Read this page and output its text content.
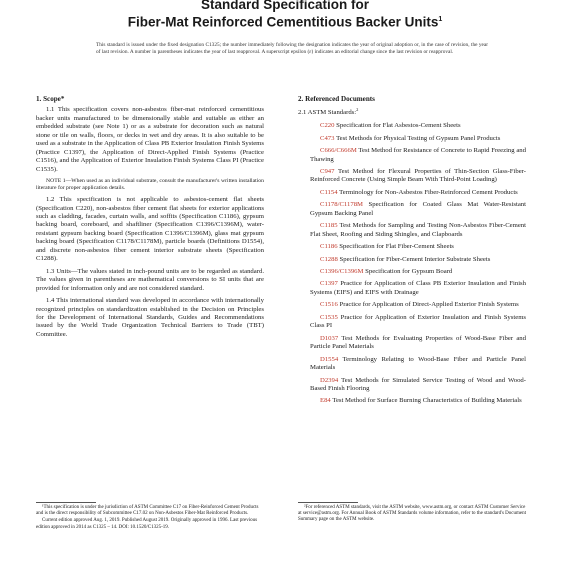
Standard Specification for
Fiber-Mat Reinforced Cementitious Backer Units$^1$
This standard is issued under the fixed designation C1325; the number immediately following the designation indicates the year of original adoption or, in the case of revision, the year of last revision. A number in parentheses indicates the year of last reapproval. A superscript epsilon (ε) indicates an editorial change since the last revision or reapproval.
1. Scope*

1.1 This specification covers non-asbestos fiber-mat reinforced cementitious backer units manufactured to be dimensionally stable and suitable as either an embedded substrate (see Note 1) or as a substrate for decoration such as natural stone or tile on walls, floors, or decks in wet and dry areas. It is also suitable to be used as a substrate in the Application of Class PB Exterior Insulation Finish Systems (Practice C1397), the Application of Direct-Applied Finish Systems (Practice C1516), and the Application of Exterior Insulation Finish Systems Class PI (Practice C1535).

NOTE 1—When used as an individual substrate, consult the manufacturer's written installation literature for proper application details.

1.2 This specification is not applicable to asbestos-cement flat sheets (Specification C220), non-asbestos fiber cement flat sheets for exterior applications such as cladding, facades, curtain walls, and soffits (Specification C1186), gypsum backing board, coreboard, and shaftliner (Specification C1396/C1396M), water-resistant gypsum backing board (Specification C1396/C1396M), glass mat gypsum backing board (Specification C1178/C1178M), particle boards (Definitions D1554), and discrete non-asbestos fiber cement interior substrate sheets (Specification C1288).

1.3 Units—The values stated in inch-pound units are to be regarded as standard. The values given in parentheses are mathematical conversions to SI units that are provided for information only and are not considered standard.

1.4 This international standard was developed in accordance with internationally recognized principles on standardization established in the Decision on Principles for the Development of International Standards, Guides and Recommendations issued by the World Trade Organization Technical Barriers to Trade (TBT) Committee.

2. Referenced Documents

2.1 ASTM Standards:$^2$

C220 Specification for Flat Asbestos-Cement Sheets

C473 Test Methods for Physical Testing of Gypsum Panel Products

C666/C666M Test Method for Resistance of Concrete to Rapid Freezing and Thawing

C947 Test Method for Flexural Properties of Thin-Section Glass-Fiber-Reinforced Concrete (Using Simple Beam With Third-Point Loading)

C1154 Terminology for Non-Asbestos Fiber-Reinforced Cement Products

C1178/C1178M Specification for Coated Glass Mat Water-Resistant Gypsum Backing Panel

C1185 Test Methods for Sampling and Testing Non-Asbestos Fiber-Cement Flat Sheet, Roofing and Siding Shingles, and Clapboards

C1186 Specification for Flat Fiber-Cement Sheets

C1288 Specification for Fiber-Cement Interior Substrate Sheets

C1396/C1396M Specification for Gypsum Board

C1397 Practice for Application of Class PB Exterior Insulation and Finish Systems (EIFS) and EIFS with Drainage

C1516 Practice for Application of Direct-Applied Exterior Finish Systems

C1535 Practice for Application of Exterior Insulation and Finish Systems Class PI

D1037 Test Methods for Evaluating Properties of Wood-Base Fiber and Particle Panel Materials

D1554 Terminology Relating to Wood-Base Fiber and Particle Panel Materials

D2394 Test Methods for Simulated Service Testing of Wood and Wood-Based Finish Flooring

E84 Test Method for Surface Burning Characteristics of Building Materials

¹This specification is under the jurisdiction of ASTM Committee C17 on Fiber-Reinforced Cement Products and is the direct responsibility of Subcommittee C17.02 on Non-Asbestos Fiber-Mat Reinforced Products.

Current edition approved Aug. 1, 2019. Published August 2019. Originally approved in 1996. Last previous edition approved in 2014 as C1325 – 14. DOI: 10.1520/C1325-19.

²For referenced ASTM standards, visit the ASTM website, www.astm.org, or contact ASTM Customer Service at service@astm.org. For Annual Book of ASTM Standards volume information, refer to the standard's Document Summary page on the ASTM website.
